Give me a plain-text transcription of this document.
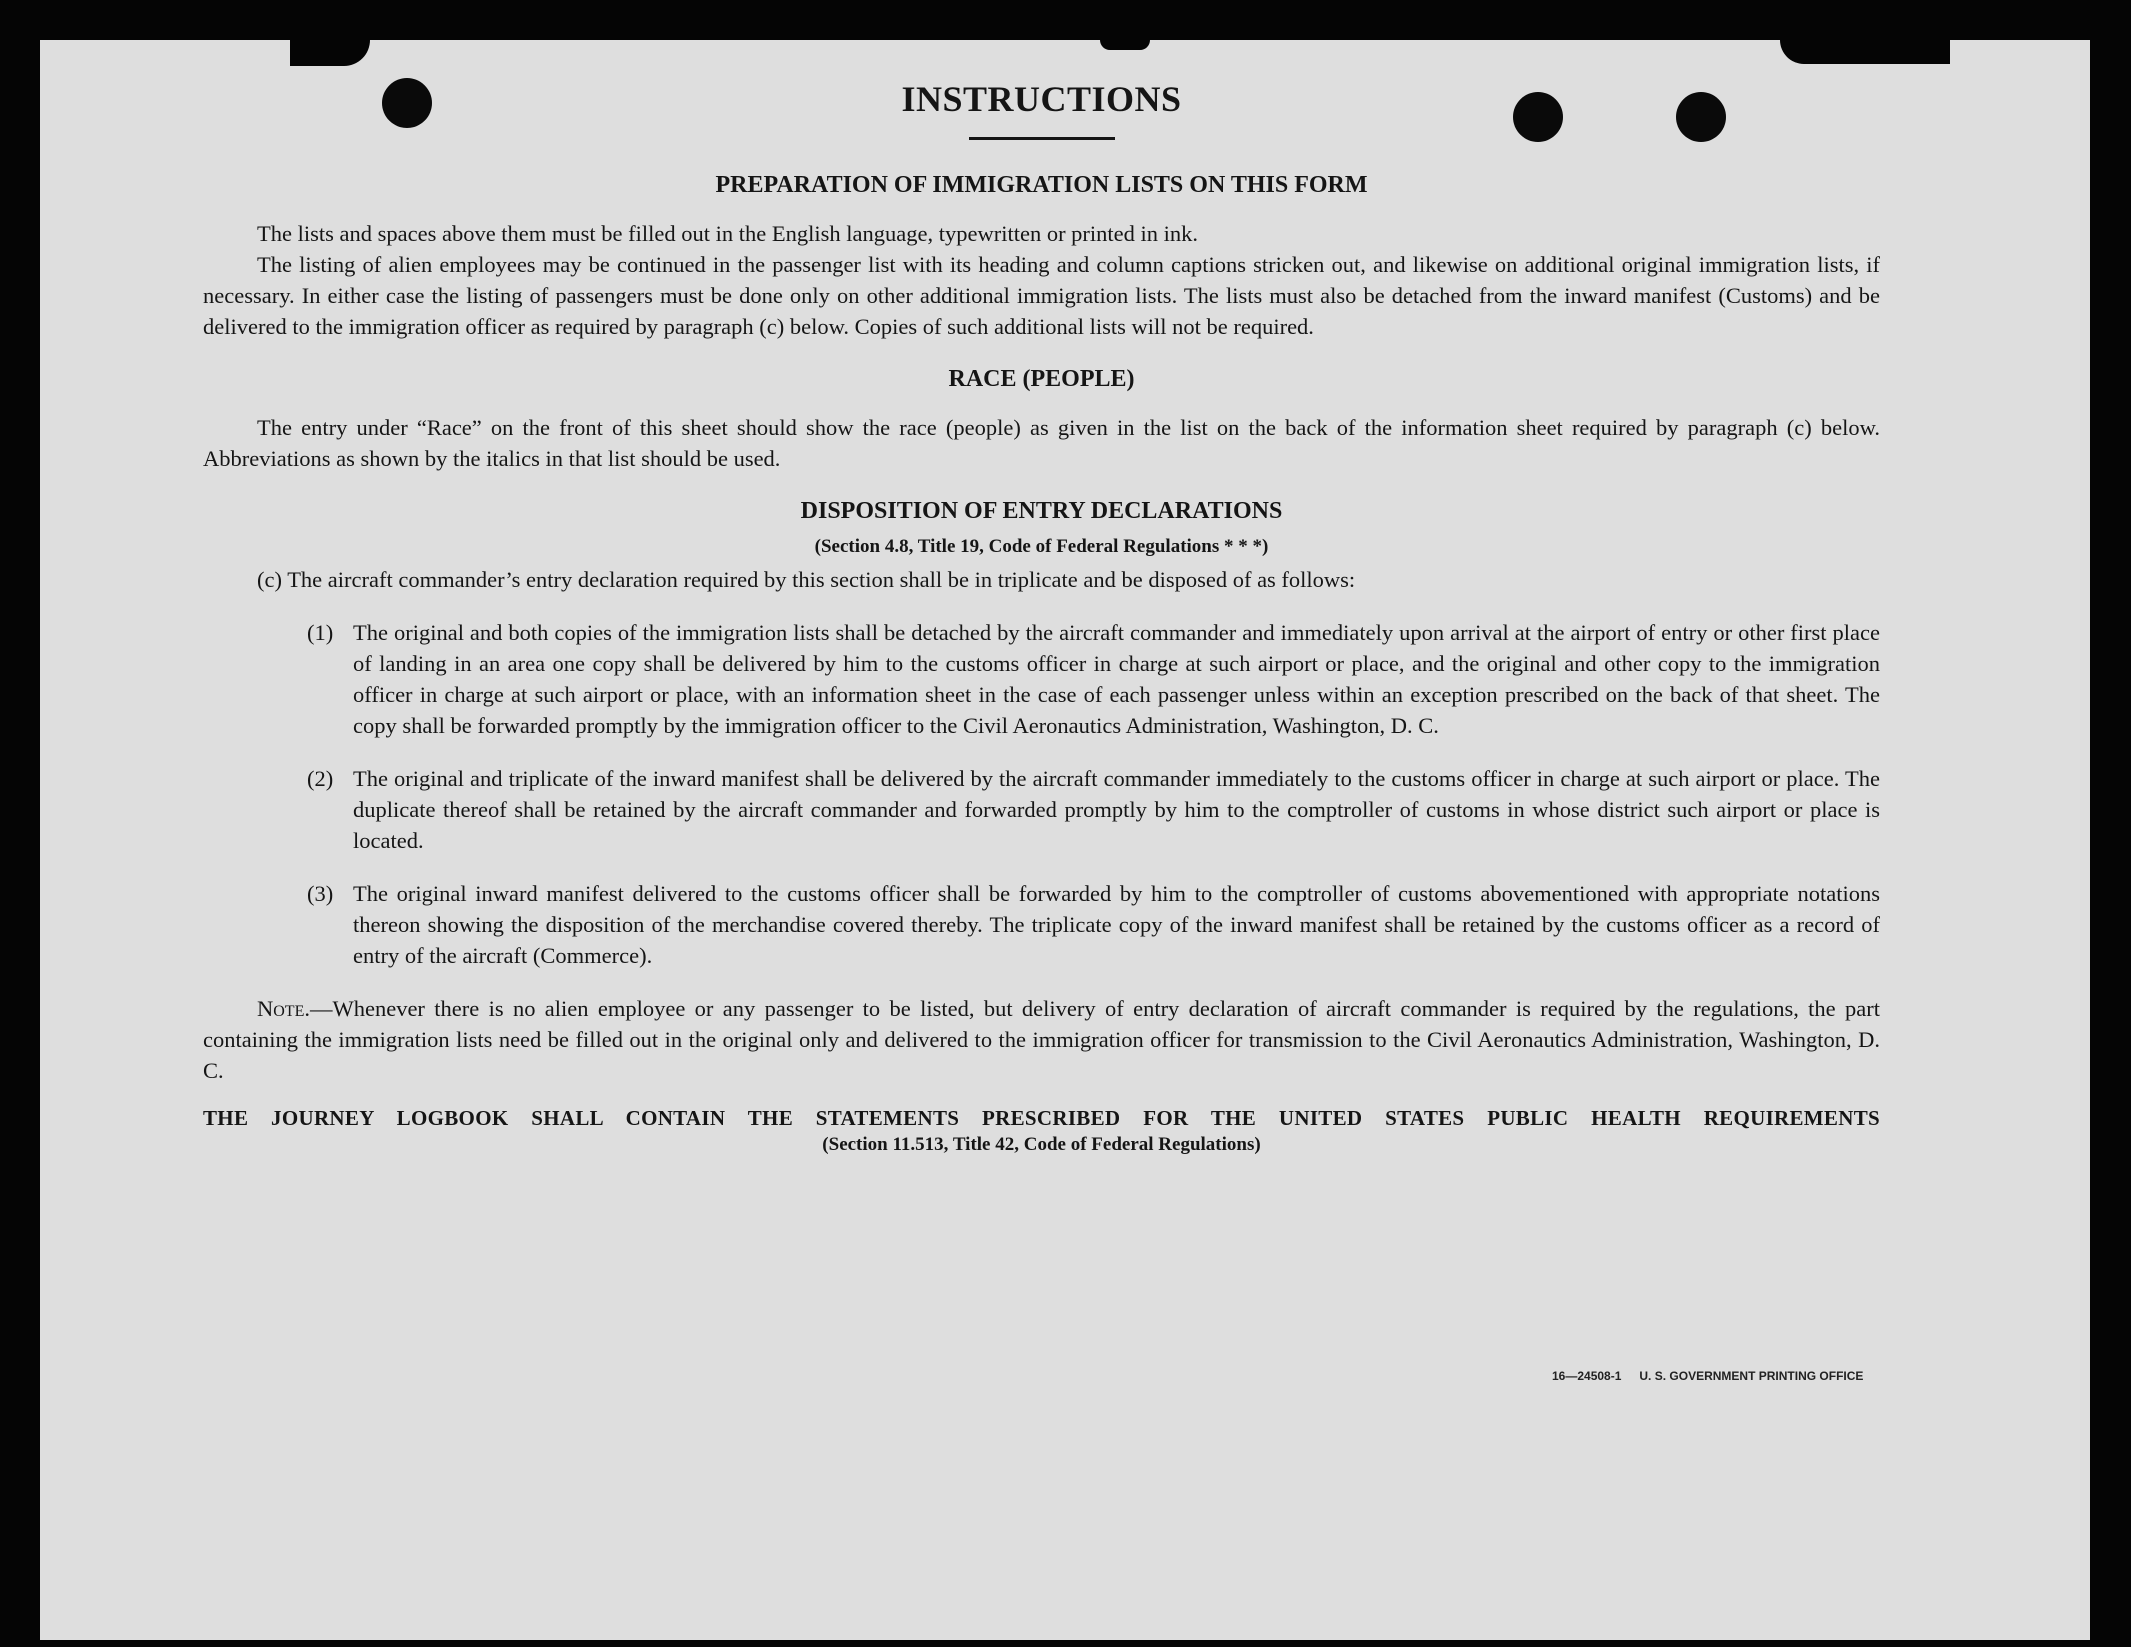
INSTRUCTIONS
PREPARATION OF IMMIGRATION LISTS ON THIS FORM

The lists and spaces above them must be filled out in the English language, typewritten or printed in ink.

The listing of alien employees may be continued in the passenger list with its heading and column captions stricken out, and likewise on additional original immigration lists, if necessary. In either case the listing of passengers must be done only on other additional immigration lists. The lists must also be detached from the inward manifest (Customs) and be delivered to the immigration officer as required by paragraph (c) below. Copies of such additional lists will not be required.

RACE (PEOPLE)

The entry under “Race” on the front of this sheet should show the race (people) as given in the list on the back of the information sheet required by paragraph (c) below. Abbreviations as shown by the italics in that list should be used.

DISPOSITION OF ENTRY DECLARATIONS
(Section 4.8, Title 19, Code of Federal Regulations * * *)

(c) The aircraft commander’s entry declaration required by this section shall be in triplicate and be disposed of as follows:

(1) The original and both copies of the immigration lists shall be detached by the aircraft commander and immediately upon arrival at the airport of entry or other first place of landing in an area one copy shall be delivered by him to the customs officer in charge at such airport or place, and the original and other copy to the immigration officer in charge at such airport or place, with an information sheet in the case of each passenger unless within an exception prescribed on the back of that sheet. The copy shall be forwarded promptly by the immigration officer to the Civil Aeronautics Administration, Washington, D. C.
(2) The original and triplicate of the inward manifest shall be delivered by the aircraft commander immediately to the customs officer in charge at such airport or place. The duplicate thereof shall be retained by the aircraft commander and forwarded promptly by him to the comptroller of customs in whose district such airport or place is located.
(3) The original inward manifest delivered to the customs officer shall be forwarded by him to the comptroller of customs abovementioned with appropriate notations thereon showing the disposition of the merchandise covered thereby. The triplicate copy of the inward manifest shall be retained by the customs officer as a record of entry of the aircraft (Commerce).

Note.—Whenever there is no alien employee or any passenger to be listed, but delivery of entry declaration of aircraft commander is required by the regulations, the part containing the immigration lists need be filled out in the original only and delivered to the immigration officer for transmission to the Civil Aeronautics Administration, Washington, D. C.

THE JOURNEY LOGBOOK SHALL CONTAIN THE STATEMENTS PRESCRIBED FOR THE UNITED STATES PUBLIC HEALTH REQUIREMENTS
(Section 11.513, Title 42, Code of Federal Regulations)
16—24508-1 U. S. GOVERNMENT PRINTING OFFICE
